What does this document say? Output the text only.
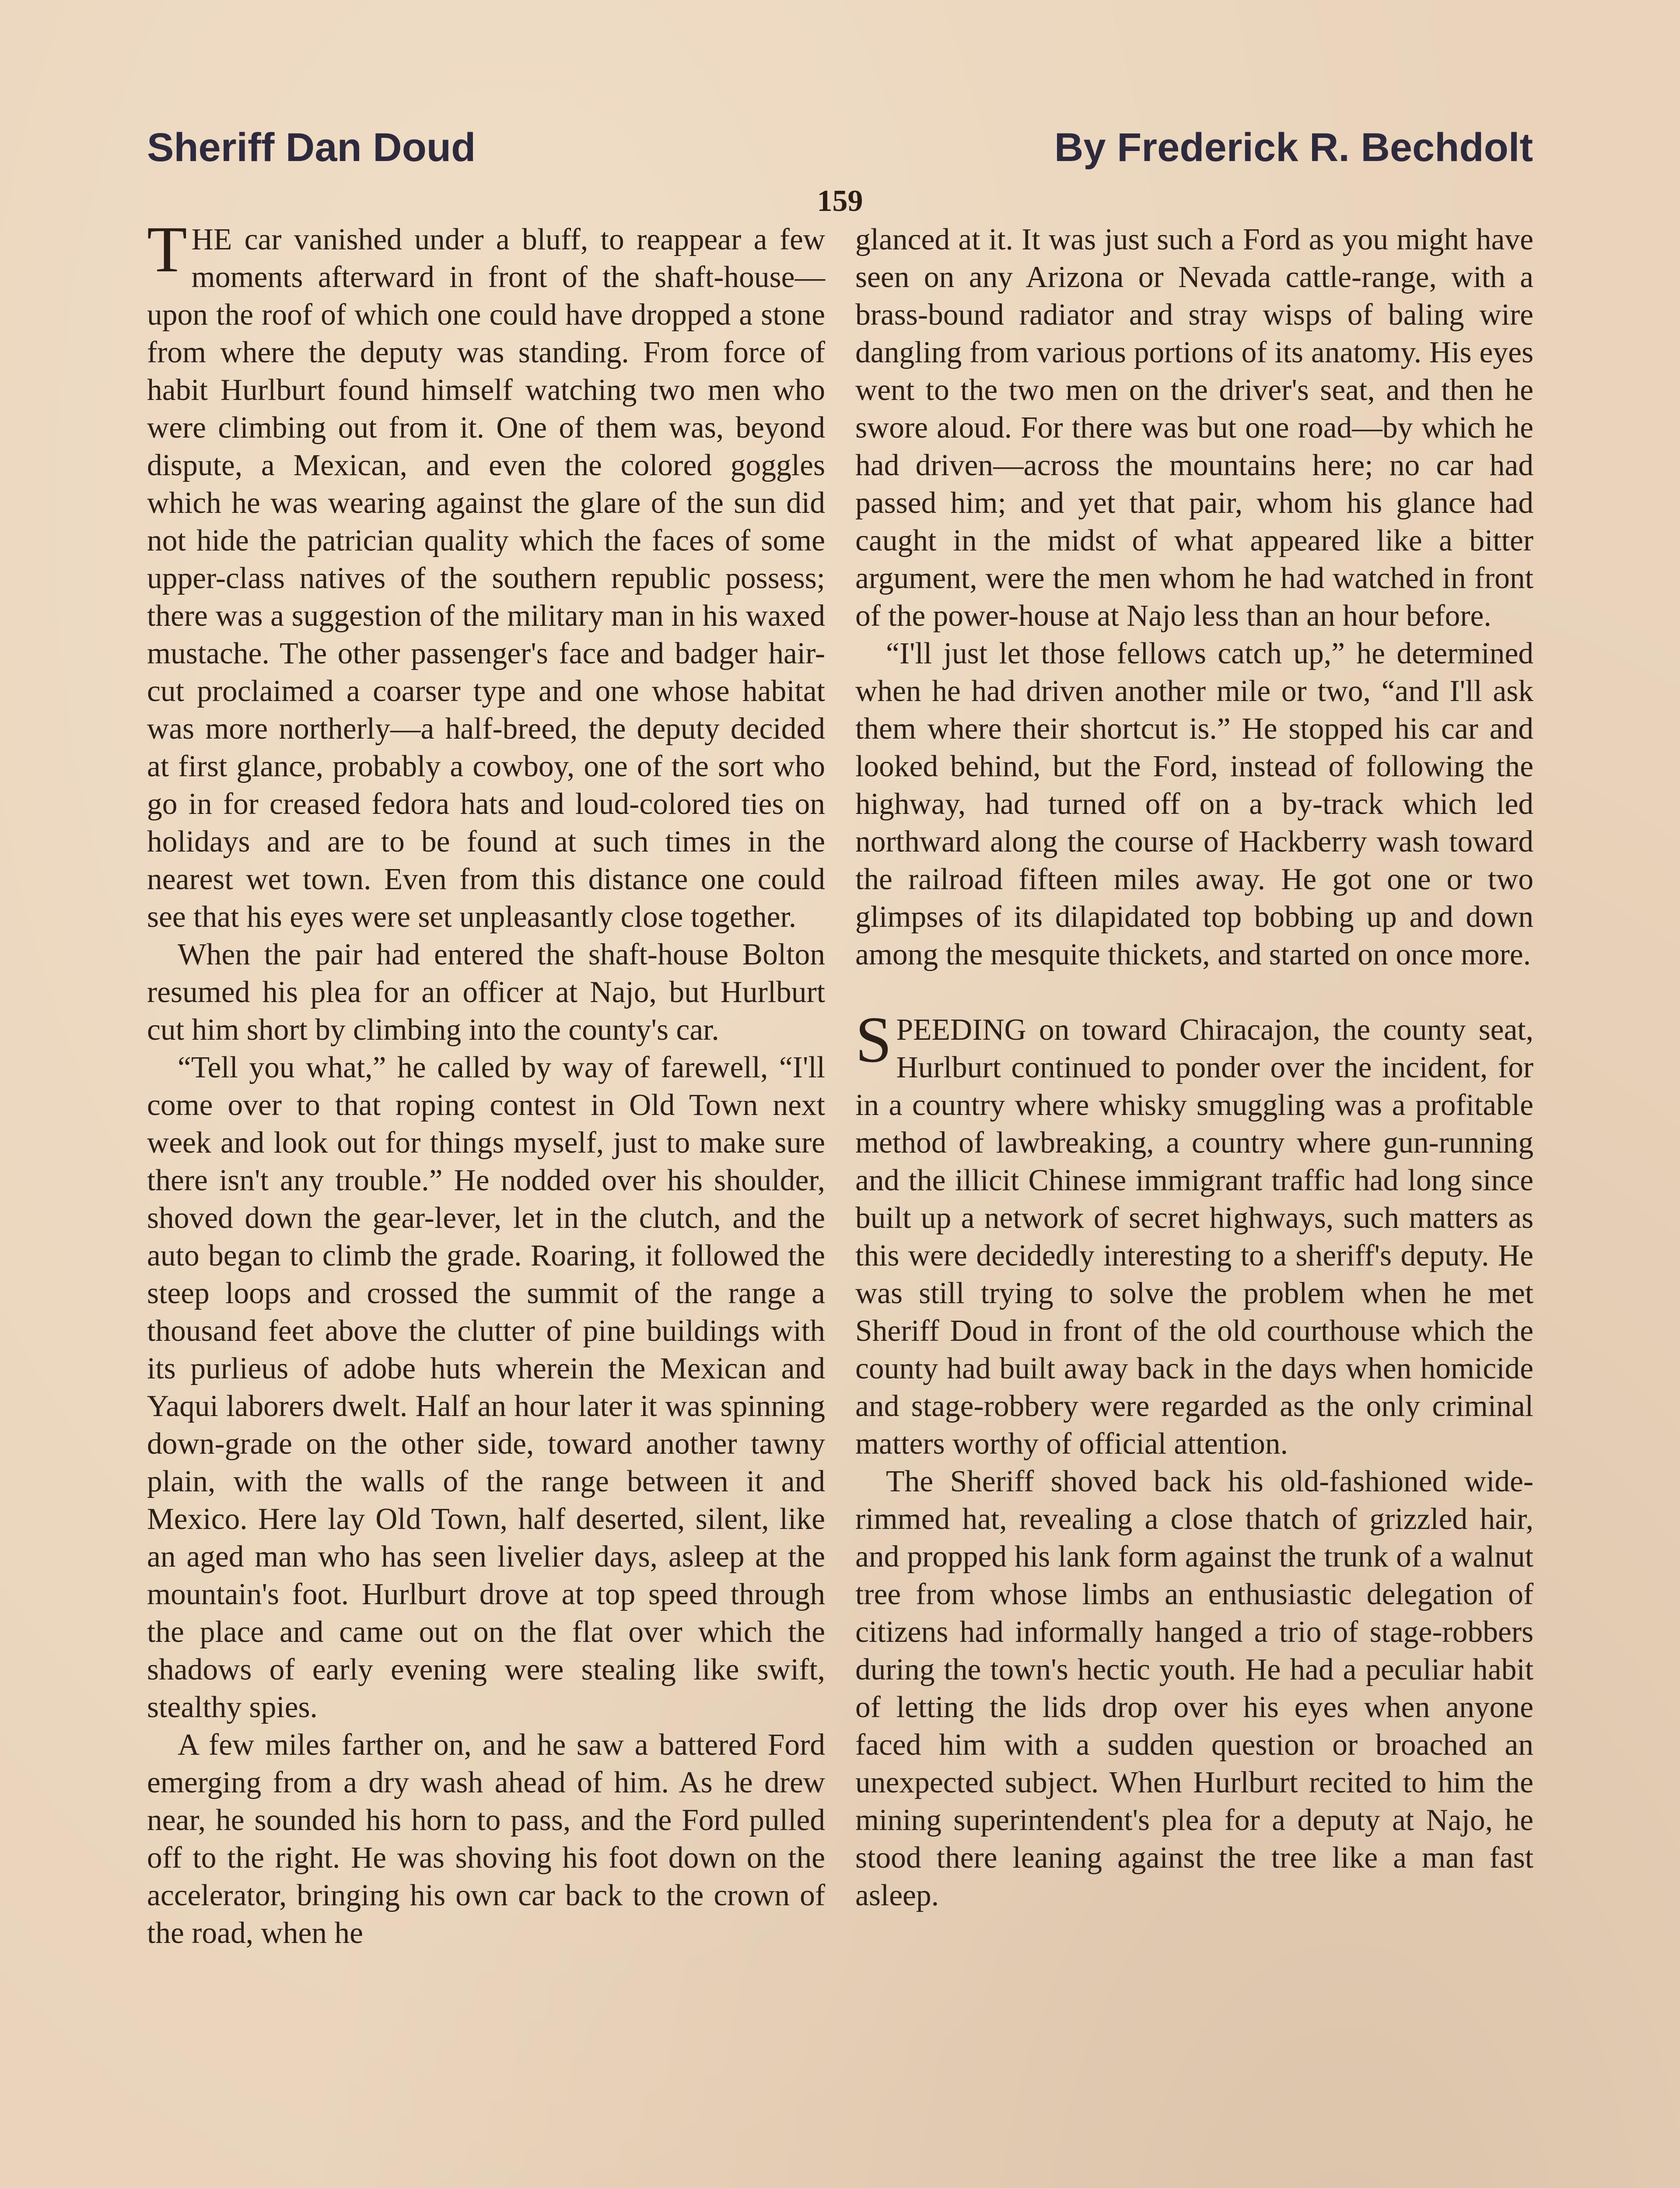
Sheriff Dan Doud	By Frederick R. Bechdolt
159

THE car vanished under a bluff, to reappear a few moments afterward in front of the shaft-house—upon the roof of which one could have dropped a stone from where the deputy was standing. From force of habit Hurlburt found himself watching two men who were climbing out from it. One of them was, beyond dispute, a Mexican, and even the colored goggles which he was wearing against the glare of the sun did not hide the patrician quality which the faces of some upper-class natives of the southern republic possess; there was a suggestion of the military man in his waxed mustache. The other passenger's face and badger hair-cut proclaimed a coarser type and one whose habitat was more northerly—a half-breed, the deputy decided at first glance, probably a cowboy, one of the sort who go in for creased fedora hats and loud-colored ties on holidays and are to be found at such times in the nearest wet town. Even from this distance one could see that his eyes were set unpleasantly close together.

When the pair had entered the shaft-house Bolton resumed his plea for an officer at Najo, but Hurlburt cut him short by climbing into the county's car.

“Tell you what,” he called by way of farewell, “I'll come over to that roping contest in Old Town next week and look out for things myself, just to make sure there isn't any trouble.” He nodded over his shoulder, shoved down the gear-lever, let in the clutch, and the auto began to climb the grade. Roaring, it followed the steep loops and crossed the summit of the range a thousand feet above the clutter of pine buildings with its purlieus of adobe huts wherein the Mexican and Yaqui laborers dwelt. Half an hour later it was spinning down-grade on the other side, toward another tawny plain, with the walls of the range between it and Mexico. Here lay Old Town, half deserted, silent, like an aged man who has seen livelier days, asleep at the mountain's foot. Hurlburt drove at top speed through the place and came out on the flat over which the shadows of early evening were stealing like swift, stealthy spies.

A few miles farther on, and he saw a battered Ford emerging from a dry wash ahead of him. As he drew near, he sounded his horn to pass, and the Ford pulled off to the right. He was shoving his foot down on the accelerator, bringing his own car back to the crown of the road, when he

glanced at it. It was just such a Ford as you might have seen on any Arizona or Nevada cattle-range, with a brass-bound radiator and stray wisps of baling wire dangling from various portions of its anatomy. His eyes went to the two men on the driver's seat, and then he swore aloud. For there was but one road—by which he had driven—across the mountains here; no car had passed him; and yet that pair, whom his glance had caught in the midst of what appeared like a bitter argument, were the men whom he had watched in front of the power-house at Najo less than an hour before.

“I'll just let those fellows catch up,” he determined when he had driven another mile or two, “and I'll ask them where their shortcut is.” He stopped his car and looked behind, but the Ford, instead of following the highway, had turned off on a by-track which led northward along the course of Hackberry wash toward the railroad fifteen miles away. He got one or two glimpses of its dilapidated top bobbing up and down among the mesquite thickets, and started on once more.

SPEEDING on toward Chiracajon, the county seat, Hurlburt continued to ponder over the incident, for in a country where whisky smuggling was a profitable method of lawbreaking, a country where gun-running and the illicit Chinese immigrant traffic had long since built up a network of secret highways, such matters as this were decidedly interesting to a sheriff's deputy. He was still trying to solve the problem when he met Sheriff Doud in front of the old courthouse which the county had built away back in the days when homicide and stage-robbery were regarded as the only criminal matters worthy of official attention.

The Sheriff shoved back his old-fashioned wide-rimmed hat, revealing a close thatch of grizzled hair, and propped his lank form against the trunk of a walnut tree from whose limbs an enthusiastic delegation of citizens had informally hanged a trio of stage-robbers during the town's hectic youth. He had a peculiar habit of letting the lids drop over his eyes when anyone faced him with a sudden question or broached an unexpected subject. When Hurlburt recited to him the mining superintendent's plea for a deputy at Najo, he stood there leaning against the tree like a man fast asleep.
